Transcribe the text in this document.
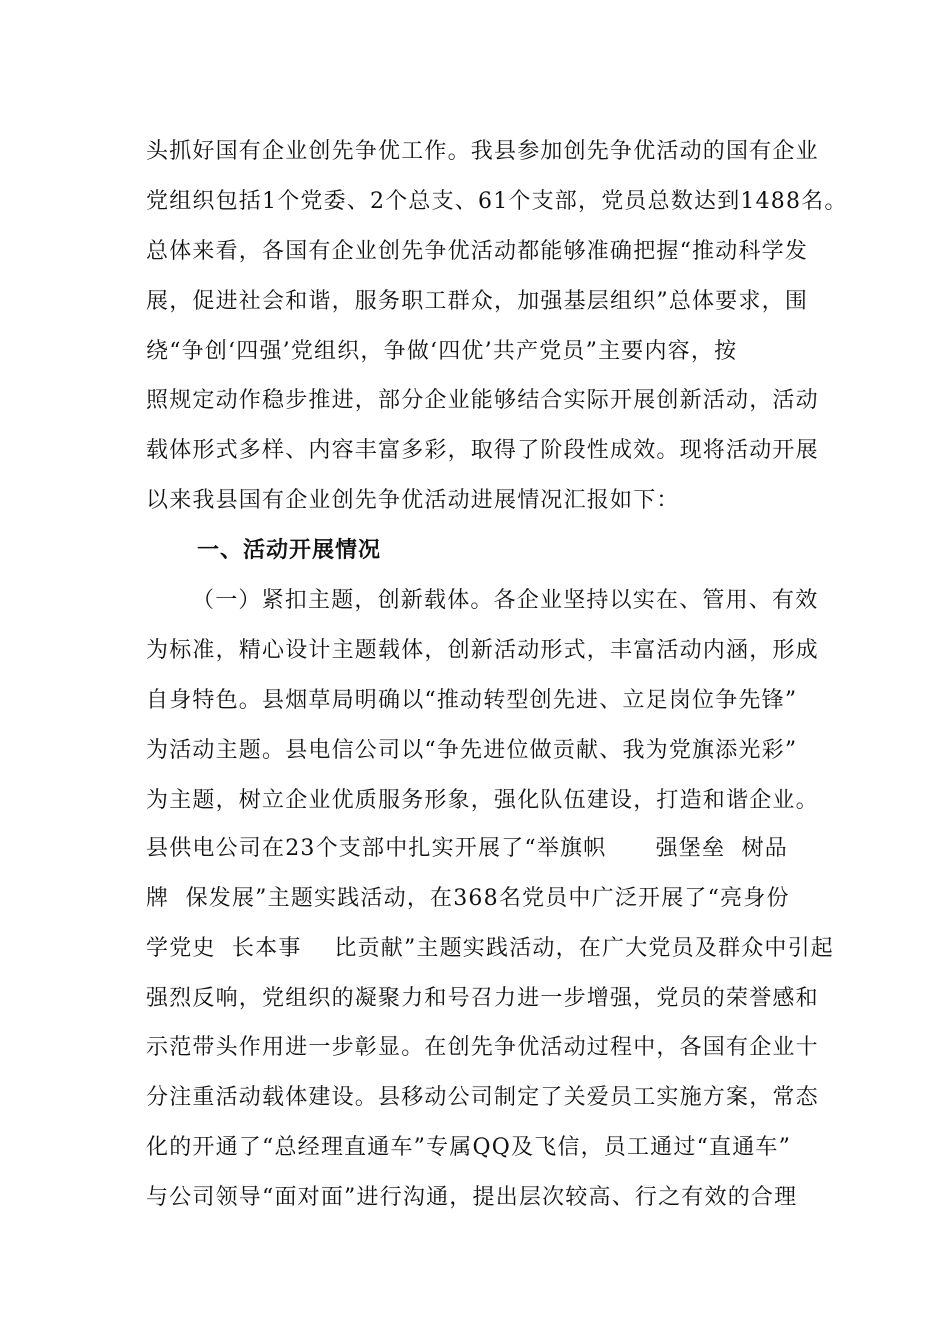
头抓好国有企业创先争优工作。我县参加创先争优活动的国有企业
党组织包括1个党委、2个总支、61个支部，党员总数达到1488名。
总体来看，各国有企业创先争优活动都能够准确把握“推动科学发
展，促进社会和谐，服务职工群众，加强基层组织”总体要求，围
绕“争创‘四强’党组织，争做‘四优’共产党员”主要内容，按
照规定动作稳步推进，部分企业能够结合实际开展创新活动，活动
载体形式多样、内容丰富多彩，取得了阶段性成效。现将活动开展
以来我县国有企业创先争优活动进展情况汇报如下：
一、活动开展情况
（一）紧扣主题，创新载体。各企业坚持以实在、管用、有效
为标准，精心设计主题载体，创新活动形式，丰富活动内涵，形成
自身特色。县烟草局明确以“推动转型创先进、立足岗位争先锋”
为活动主题。县电信公司以“争先进位做贡献、我为党旗添光彩”
为主题，树立企业优质服务形象，强化队伍建设，打造和谐企业。
县供电公司在23个支部中扎实开展了“举旗帜      强堡垒  树品
牌  保发展”主题实践活动，在368名党员中广泛开展了“亮身份
学党史  长本事    比贡献”主题实践活动，在广大党员及群众中引起
强烈反响，党组织的凝聚力和号召力进一步增强，党员的荣誉感和
示范带头作用进一步彰显。在创先争优活动过程中，各国有企业十
分注重活动载体建设。县移动公司制定了关爱员工实施方案，常态
化的开通了“总经理直通车”专属QQ及飞信，员工通过“直通车”
与公司领导“面对面”进行沟通，提出层次较高、行之有效的合理
